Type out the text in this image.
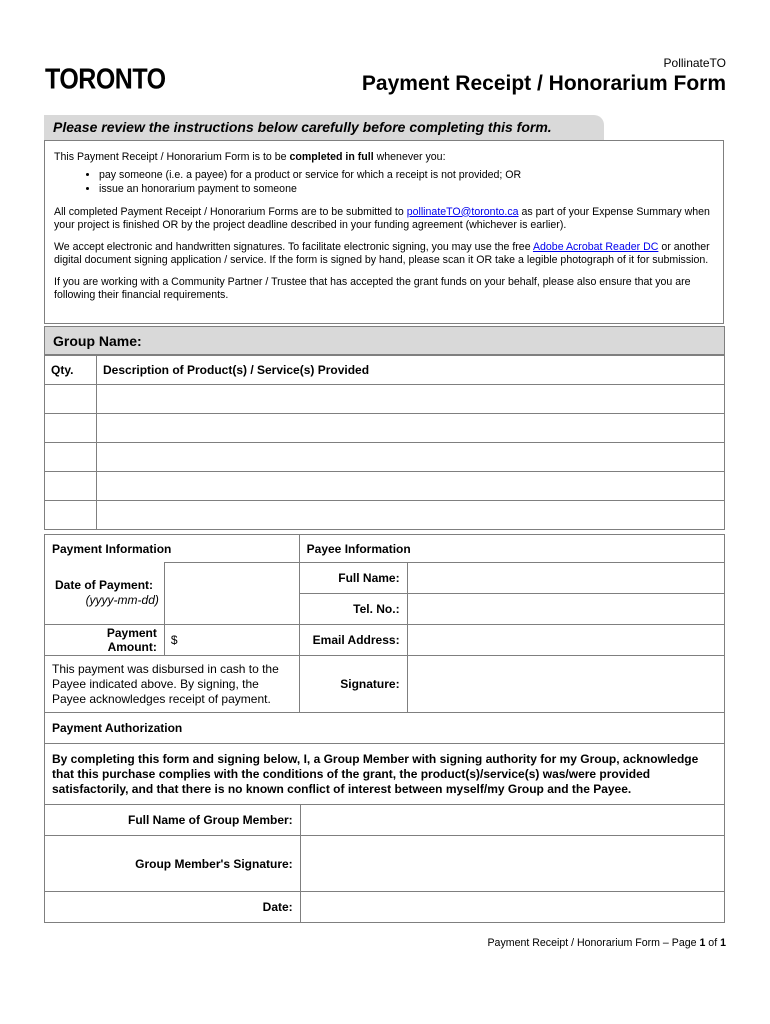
TORONTO	PollinateTO
Payment Receipt / Honorarium Form
Please review the instructions below carefully before completing this form.

This Payment Receipt / Honorarium Form is to be completed in full whenever you:

• pay someone (i.e. a payee) for a product or service for which a receipt is not provided; OR
• issue an honorarium payment to someone

All completed Payment Receipt / Honorarium Forms are to be submitted to pollinateTO@toronto.ca as part of your Expense Summary when your project is finished OR by the project deadline described in your funding agreement (whichever is earlier).

We accept electronic and handwritten signatures. To facilitate electronic signing, you may use the free Adobe Acrobat Reader DC or another digital document signing application / service. If the form is signed by hand, please scan it OR take a legible photograph of it for submission.

If you are working with a Community Partner / Trustee that has accepted the grant funds on your behalf, please also ensure that you are following their financial requirements.

Group Name:
Qty.	Description of Product(s) / Service(s) Provided

Payment Information		Payee Information	

Date of Payment:
(yyyy-mm-dd)		Full Name:	
		Tel. No.:	

Payment
Amount:	$	Email Address:	
This payment was disbursed in cash to the Payee indicated above. By signing, the Payee acknowledges receipt of payment.		Signature:	
Payment Authorization	
By completing this form and signing below, I, a Group Member with signing authority for my Group, acknowledge that this purchase complies with the conditions of the grant, the product(s)/service(s) was/were provided satisfactorily, and that there is no known conflict of interest between myself/my Group and the Payee.	
Full Name of Group Member:	
Group Member's Signature:	
Date:	
Payment Receipt / Honorarium Form – Page 1 of 1
